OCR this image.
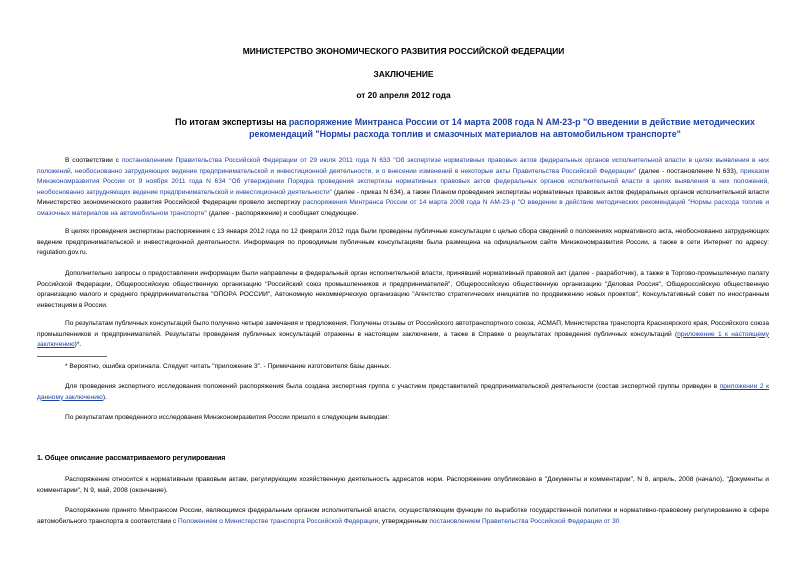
МИНИСТЕРСТВО ЭКОНОМИЧЕСКОГО РАЗВИТИЯ РОССИЙСКОЙ ФЕДЕРАЦИИ
ЗАКЛЮЧЕНИЕ
от 20 апреля 2012 года
По итогам экспертизы на распоряжение Минтранса России от 14 марта 2008 года N АМ-23-р "О введении в действие методических рекомендаций "Нормы расхода топлив и смазочных материалов на автомобильном транспорте"
В соответствии с постановлением Правительства Российской Федерации от 29 июля 2011 года N 633 "Об экспертизе нормативных правовых актов федеральных органов исполнительной власти в целях выявления в них положений, необоснованно затрудняющих ведение предпринимательской и инвестиционной деятельности, и о внесении изменений в некоторые акты Правительства Российской Федерации" (далее - постановление N 633), приказом Минэкономразвития России от 9 ноября 2011 года N 634 "Об утверждении Порядка проведения экспертизы нормативных правовых актов федеральных органов исполнительной власти в целях выявления в них положений, необоснованно затрудняющих ведение предпринимательской и инвестиционной деятельности" (далее - приказ N 634), а также Планом проведения экспертизы нормативных правовых актов федеральных органов исполнительной власти Министерство экономического развития Российской Федерации провело экспертизу распоряжения Минтранса России от 14 марта 2008 года N АМ-23-р "О введении в действие методических рекомендаций "Нормы расхода топлив и смазочных материалов на автомобильном транспорте" (далее - распоряжение) и сообщает следующее.
В целях проведения экспертизы распоряжения с 13 января 2012 года по 12 февраля 2012 года были проведены публичные консультации с целью сбора сведений о положениях нормативного акта, необоснованно затрудняющих ведение предпринимательской и инвестиционной деятельности. Информация по проводимым публичным консультациям была размещена на официальном сайте Минэкономразвития России, а также в сети Интернет по адресу: regulation.gov.ru.
Дополнительно запросы о предоставлении информации были направлены в федеральный орган исполнительной власти, принявший нормативный правовой акт (далее - разработчик), а также в Торгово-промышленную палату Российской Федерации, Общероссийскую общественную организацию "Российский союз промышленников и предпринимателей", Общероссийскую общественную организацию "Деловая Россия", Общероссийскую общественную организацию малого и среднего предпринимательства "ОПОРА РОССИИ", Автономную некоммерческую организацию "Агентство стратегических инициатив по продвижению новых проектов", Консультативный совет по иностранным инвестициям в России.
По результатам публичных консультаций было получено четыре замечания и предложения. Получены отзывы от Российского автотранспортного союза, АСМАП, Министерства транспорта Красноярского края, Российского союза промышленников и предпринимателей. Результаты проведения публичных консультаций отражены в настоящем заключении, а также в Справке о результатах проведения публичных консультаций (приложение 1 к настоящему заключению)*.
* Вероятно, ошибка оригинала. Следует читать "приложение 3". - Примечание изготовителя базы данных.
Для проведения экспертного исследования положений распоряжения была создана экспертная группа с участием представителей предпринимательской деятельности (состав экспертной группы приведен в приложении 2 к данному заключению).
По результатам проведенного исследования Минэкономразвития России пришло к следующим выводам:
1. Общее описание рассматриваемого регулирования
Распоряжение относится к нормативным правовым актам, регулирующим хозяйственную деятельность адресатов норм. Распоряжение опубликовано в "Документы и комментарии", N 8, апрель, 2008 (начало), "Документы и комментарии", N 9, май, 2008 (окончание).
Распоряжение принято Минтрансом России, являющимся федеральным органом исполнительной власти, осуществляющим функции по выработке государственной политики и нормативно-правовому регулированию в сфере автомобильного транспорта в соответствии с Положением о Министерстве транспорта Российской Федерации, утвержденным постановлением Правительства Российской Федерации от 30
